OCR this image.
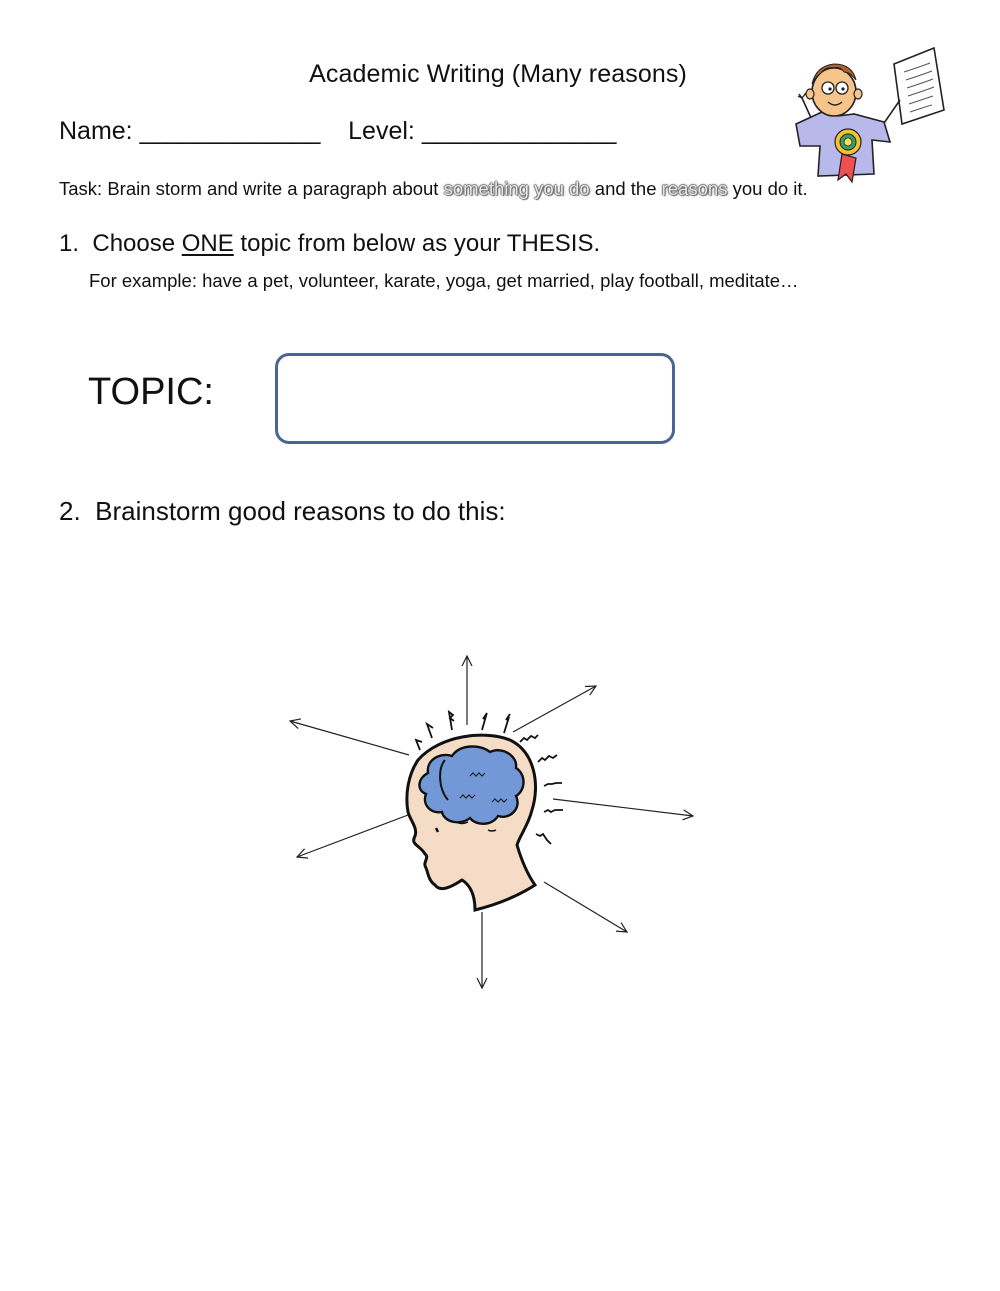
Academic Writing (Many reasons)
Name: _____________ Level: ______________
Task: Brain storm and write a paragraph about something you do and the reasons you do it.
1. Choose ONE topic from below as your THESIS.
For example: have a pet, volunteer, karate, yoga, get married, play football, meditate…
TOPIC:
2. Brainstorm good reasons to do this:
